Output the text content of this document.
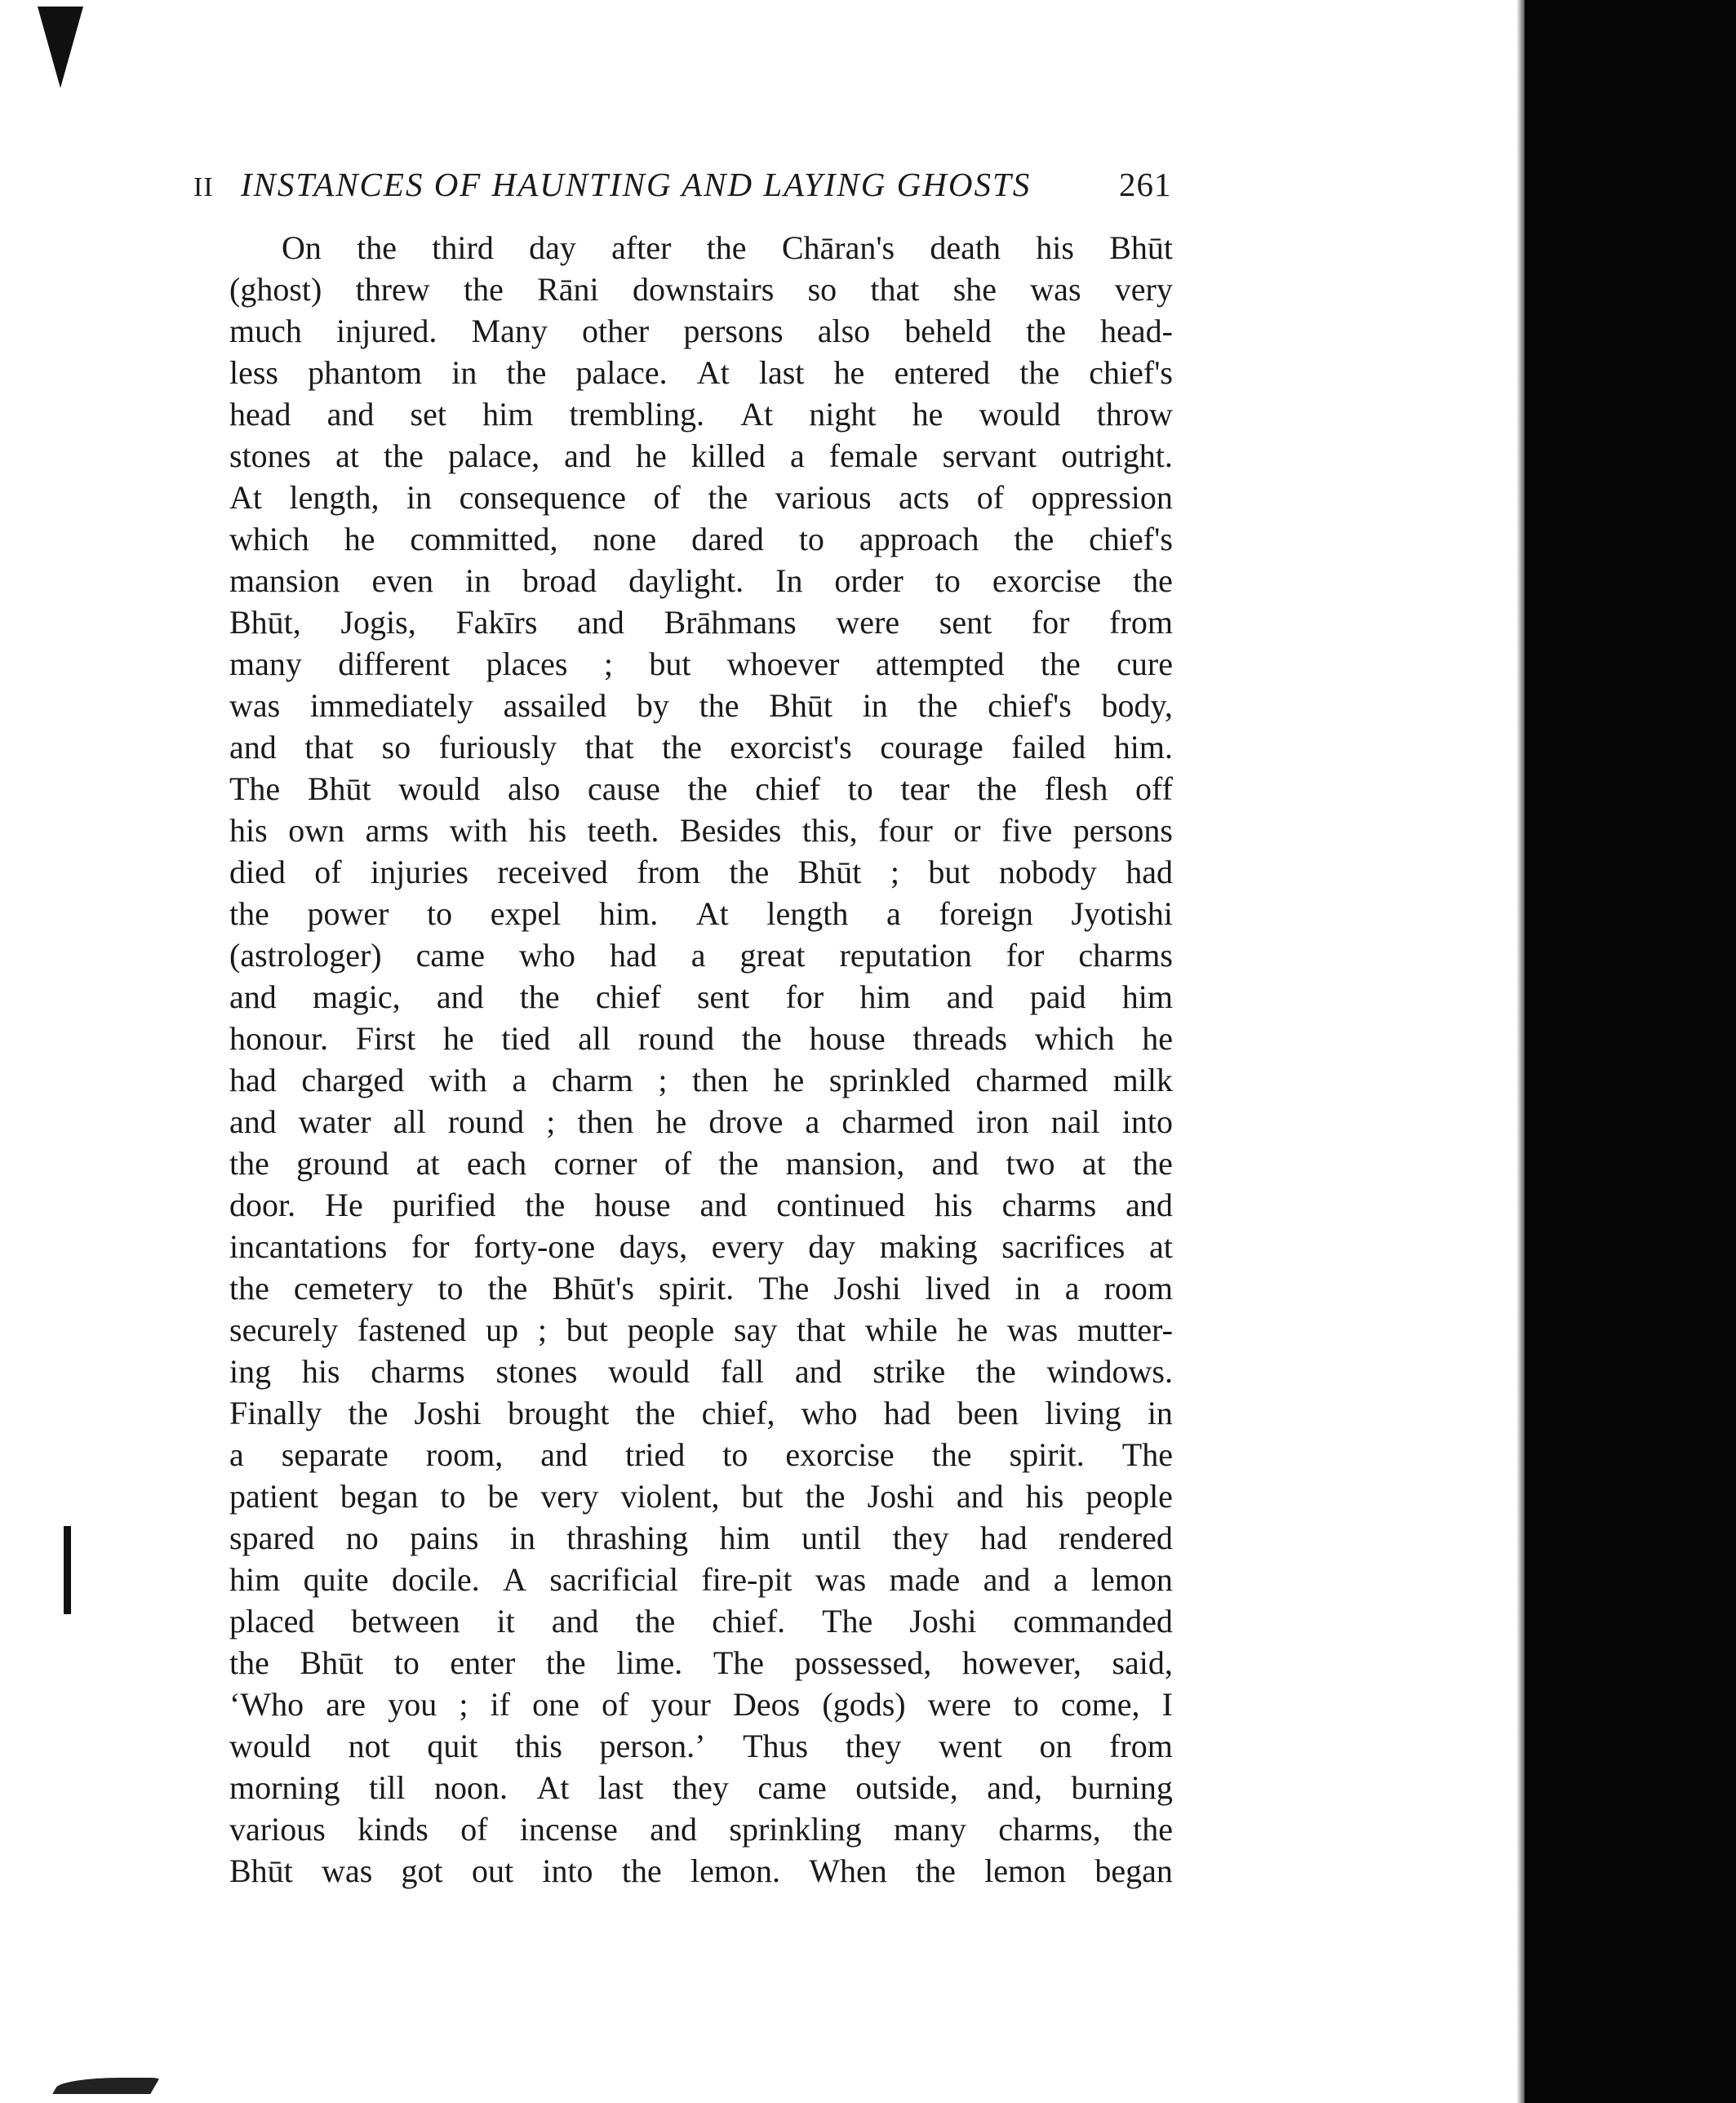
II INSTANCES OF HAUNTING AND LAYING GHOSTS	261
On the third day after the Chāran's death his Bhūt
(ghost) threw the Rāni downstairs so that she was very
much injured. Many other persons also beheld the head-
less phantom in the palace. At last he entered the chief's
head and set him trembling. At night he would throw
stones at the palace, and he killed a female servant outright.
At length, in consequence of the various acts of oppression
which he committed, none dared to approach the chief's
mansion even in broad daylight. In order to exorcise the
Bhūt, Jogis, Fakīrs and Brāhmans were sent for from
many different places ; but whoever attempted the cure
was immediately assailed by the Bhūt in the chief's body,
and that so furiously that the exorcist's courage failed him.
The Bhūt would also cause the chief to tear the flesh off
his own arms with his teeth. Besides this, four or five persons
died of injuries received from the Bhūt ; but nobody had
the power to expel him. At length a foreign Jyotishi
(astrologer) came who had a great reputation for charms
and magic, and the chief sent for him and paid him
honour. First he tied all round the house threads which he
had charged with a charm ; then he sprinkled charmed milk
and water all round ; then he drove a charmed iron nail into
the ground at each corner of the mansion, and two at the
door. He purified the house and continued his charms and
incantations for forty-one days, every day making sacrifices at
the cemetery to the Bhūt's spirit. The Joshi lived in a room
securely fastened up ; but people say that while he was mutter-
ing his charms stones would fall and strike the windows.
Finally the Joshi brought the chief, who had been living in
a separate room, and tried to exorcise the spirit. The
patient began to be very violent, but the Joshi and his people
spared no pains in thrashing him until they had rendered
him quite docile. A sacrificial fire-pit was made and a lemon
placed between it and the chief. The Joshi commanded
the Bhūt to enter the lime. The possessed, however, said,
‘Who are you ; if one of your Deos (gods) were to come, I
would not quit this person.’ Thus they went on from
morning till noon. At last they came outside, and, burning
various kinds of incense and sprinkling many charms, the
Bhūt was got out into the lemon. When the lemon began
